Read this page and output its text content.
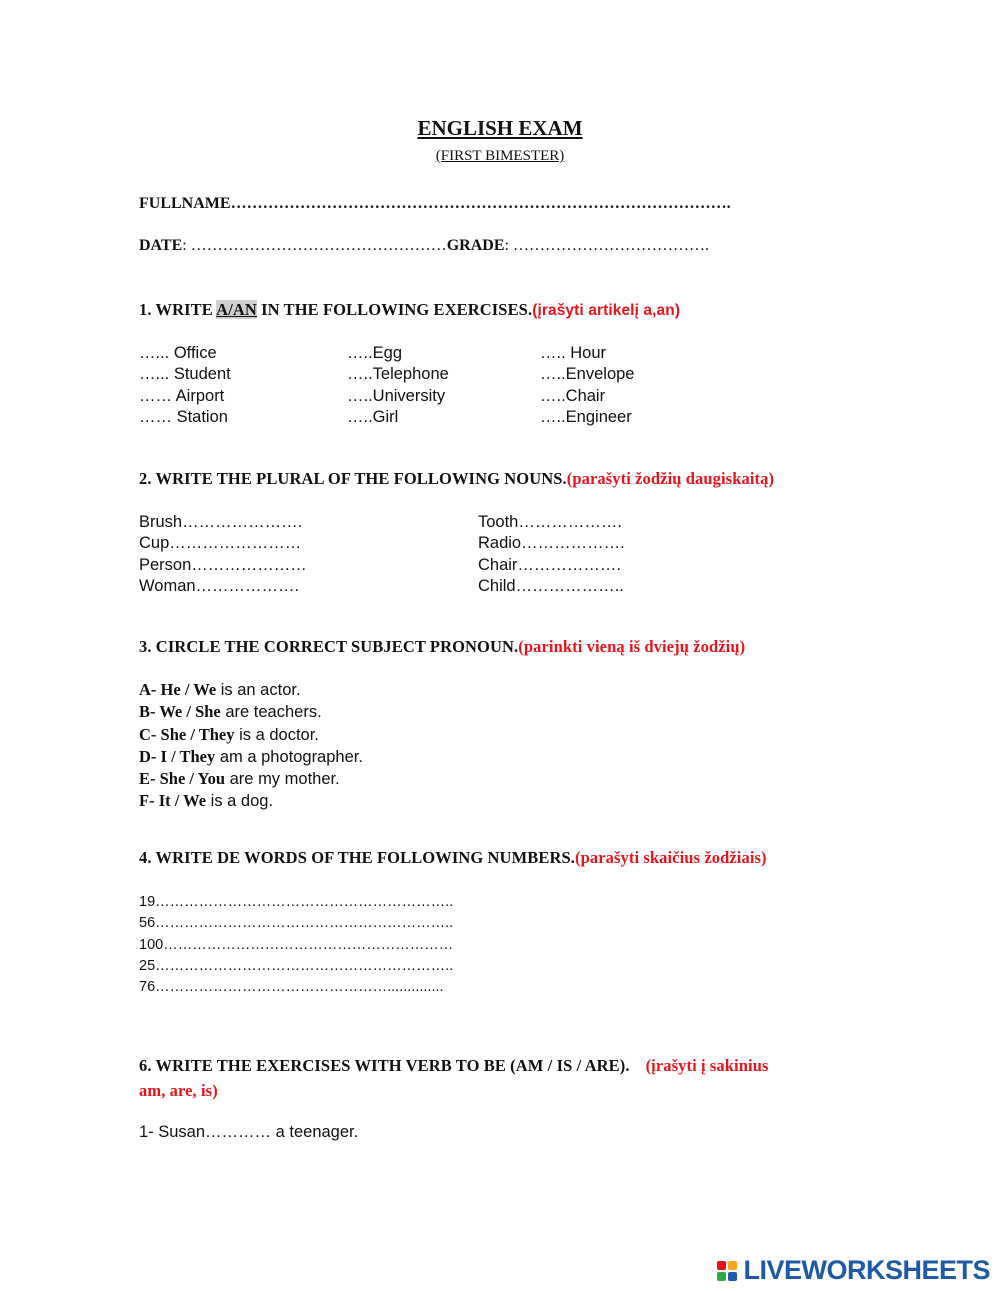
ENGLISH EXAM
(FIRST BIMESTER)
FULLNAME………………………………………………………………………………….
DATE: …………………………………………GRADE: ……………………………….
1. WRITE A/AN IN THE FOLLOWING EXERCISES.(įrašyti artikelį a,an)
…... Office
…... Student
…… Airport
…… Station
…..Egg
…..Telephone
…..University
…..Girl
….. Hour
…..Envelope
…..Chair
…..Engineer
2. WRITE THE PLURAL OF THE FOLLOWING NOUNS.(parašyti žodžių daugiskaitą)
Brush………………….
Cup……………………
Person…………………
Woman……………….
Tooth……………….
Radio……………….
Chair……………….
Child………………..
3. CIRCLE THE CORRECT SUBJECT PRONOUN.(parinkti vieną iš dviejų žodžių)
A- He / We is an actor.
B- We / She are teachers.
C- She / They is a doctor.
D- I / They am a photographer.
E- She / You are my mother.
F- It / We is a dog.
4. WRITE DE WORDS OF THE FOLLOWING NUMBERS.(parašyti skaičius žodžiais)
19……………………………………………………..
56……………………………………………………..
100……………………………………………………
25……………………………………………………..
76…………………………………………..............
6. WRITE THE EXERCISES WITH VERB TO BE (AM / IS / ARE). (įrašyti į sakinius
am, are, is)
1- Susan………… a teenager.
LIVEWORKSHEETS
